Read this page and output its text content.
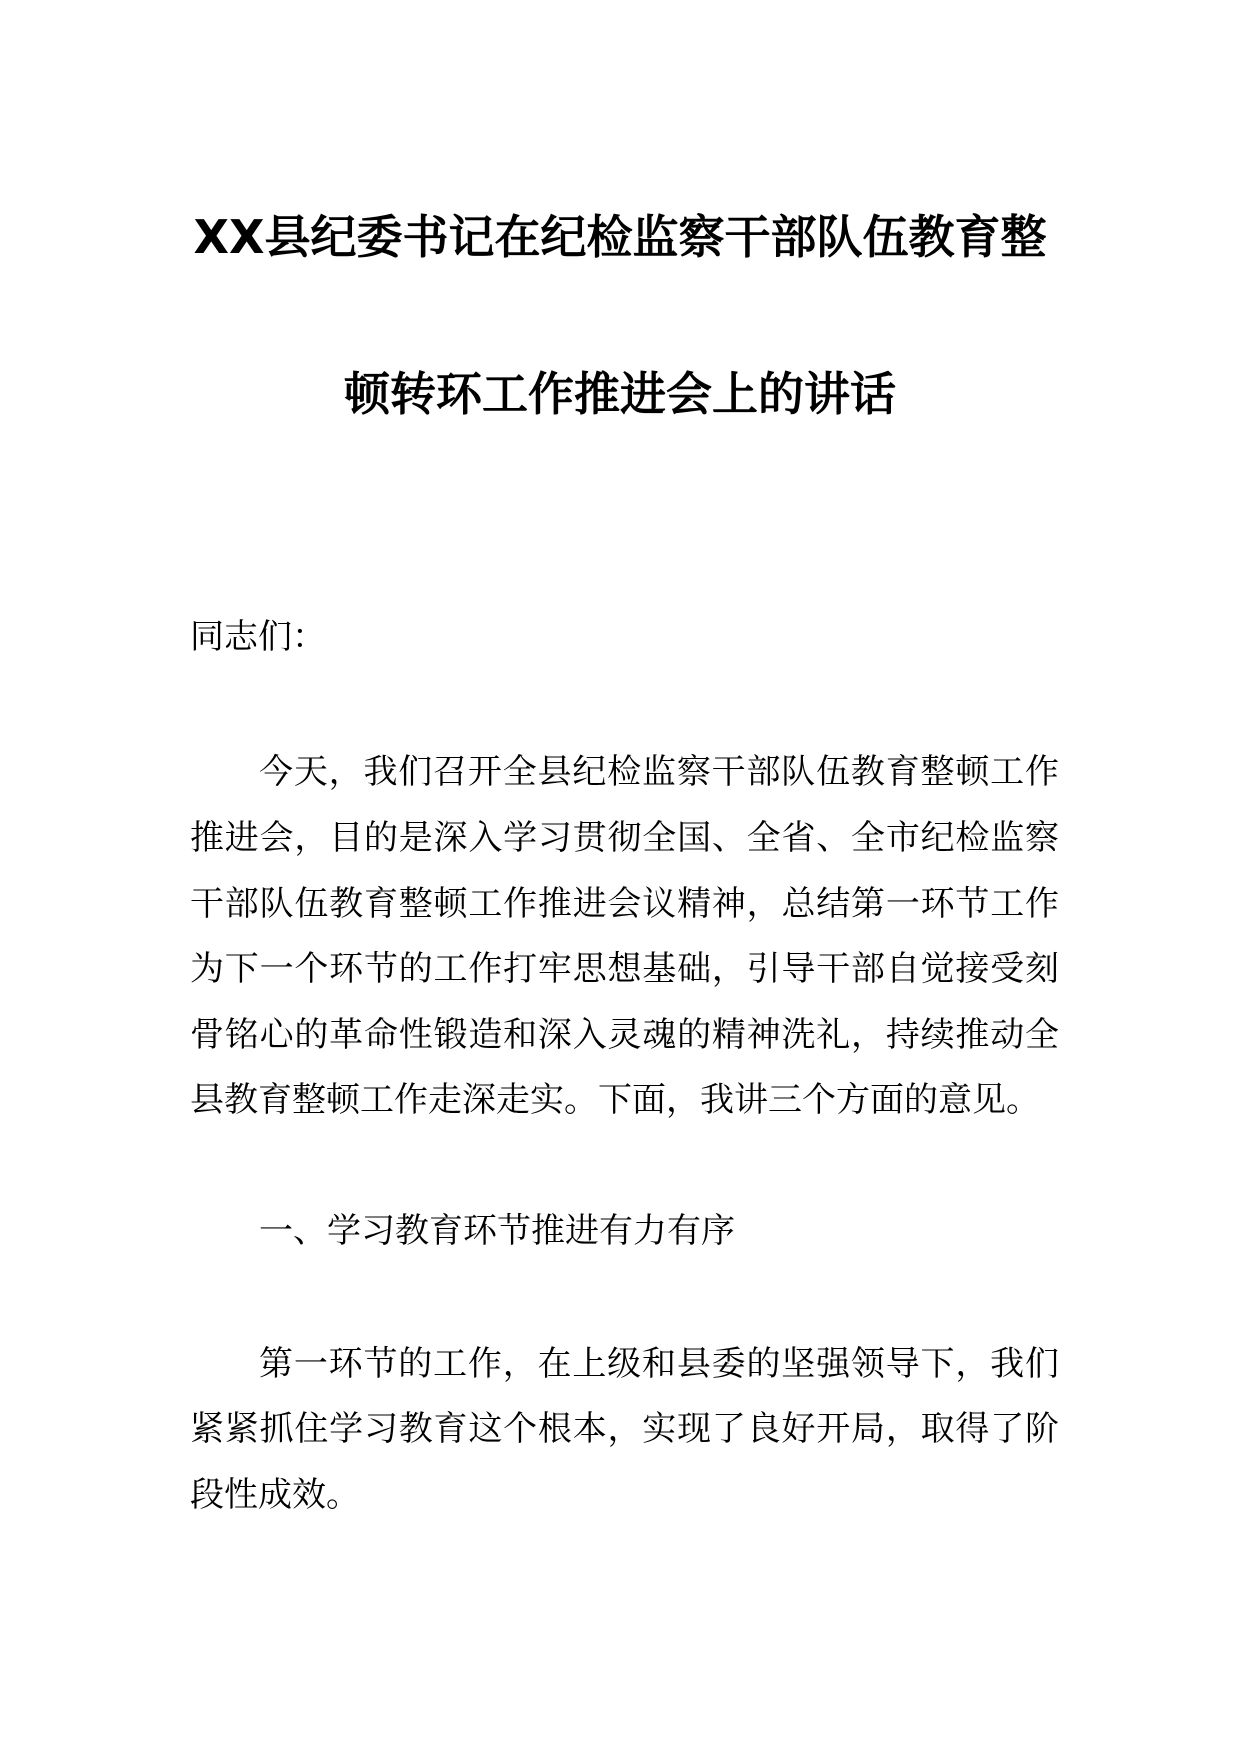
XX县纪委书记在纪检监察干部队伍教育整
顿转环工作推进会上的讲话
同志们：
今天，我们召开全县纪检监察干部队伍教育整顿工作
推进会，目的是深入学习贯彻全国、全省、全市纪检监察
干部队伍教育整顿工作推进会议精神，总结第一环节工作
为下一个环节的工作打牢思想基础，引导干部自觉接受刻
骨铭心的革命性锻造和深入灵魂的精神洗礼，持续推动全
县教育整顿工作走深走实。下面，我讲三个方面的意见。
一、学习教育环节推进有力有序
第一环节的工作，在上级和县委的坚强领导下，我们
紧紧抓住学习教育这个根本，实现了良好开局，取得了阶
段性成效。
